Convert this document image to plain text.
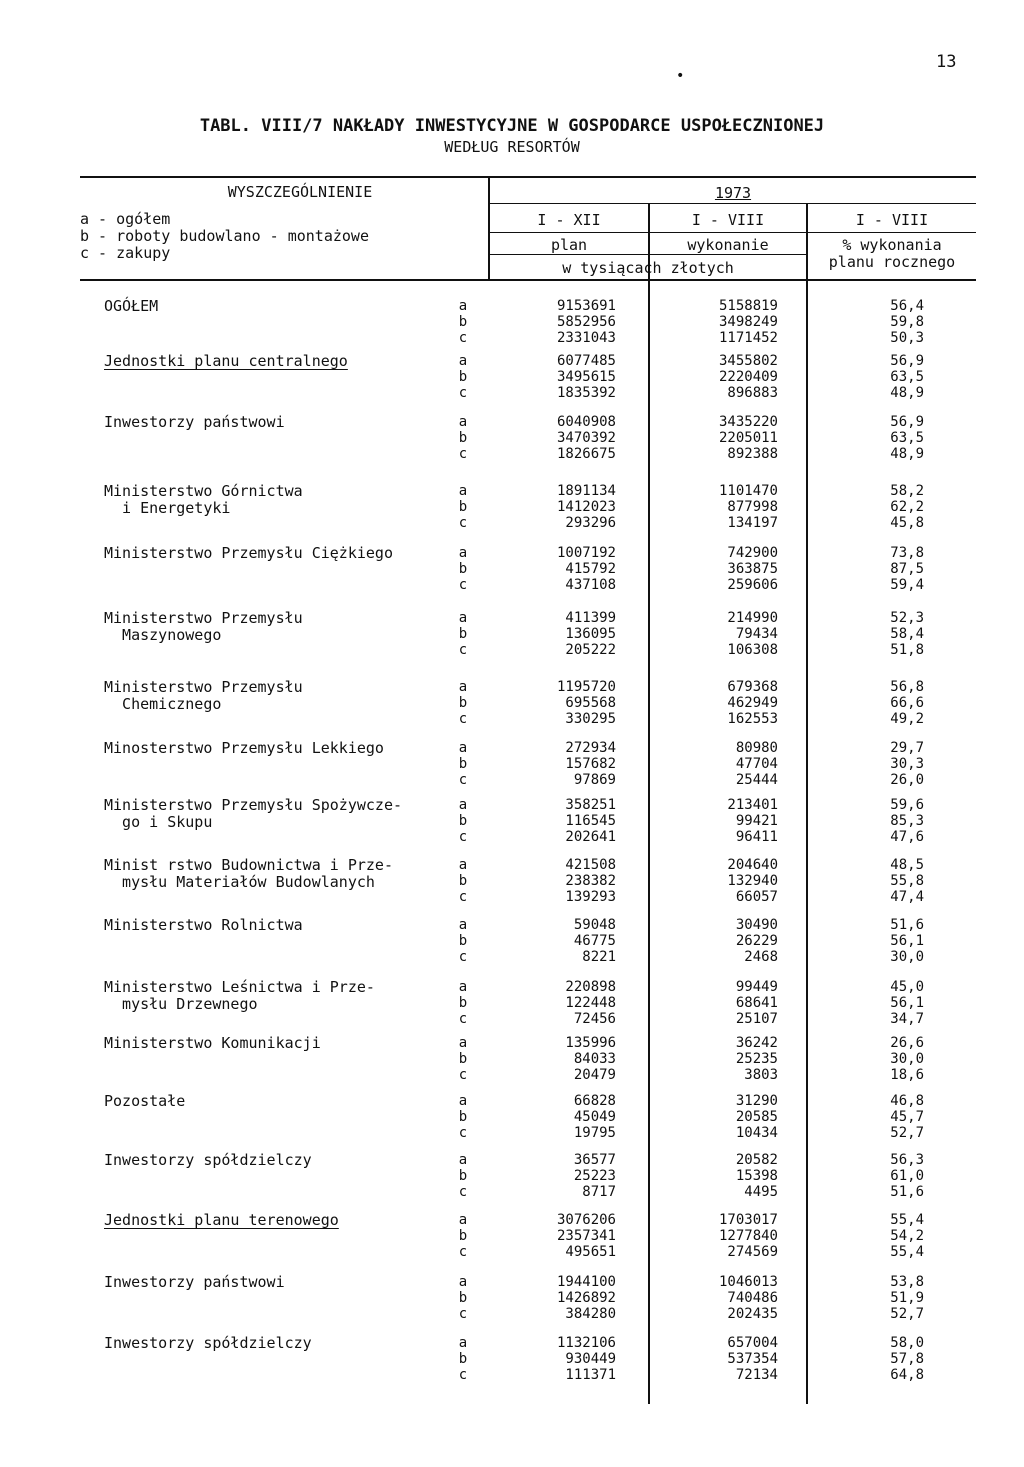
13
•
TABL. VIII/7 NAKŁADY INWESTYCYJNE W GOSPODARCE USPOŁECZNIONEJ
WEDŁUG RESORTÓW
WYSZCZEGÓLNIENIE
a - ogółem
b - roboty budowlano - montażowe
c - zakupy
1973
I - XII	I - VIII	I - VIII
plan	wykonanie	% wykonania
planu rocznego
w tysiącach złotych
OGÓŁEM	a	9153691	5158819	56,4
b	5852956	3498249	59,8
c	2331043	1171452	50,3
Jednostki planu centralnego	a	6077485	3455802	56,9
b	3495615	2220409	63,5
c	1835392	896883	48,9
Inwestorzy państwowi	a	6040908	3435220	56,9
b	3470392	2205011	63,5
c	1826675	892388	48,9
Ministerstwo Górnictwa
i Energetyki
a	1891134	1101470	58,2
b	1412023	877998	62,2
c	293296	134197	45,8
Ministerstwo Przemysłu Ciężkiego	a	1007192	742900	73,8
b	415792	363875	87,5
c	437108	259606	59,4
Ministerstwo Przemysłu
Maszynowego
a	411399	214990	52,3
b	136095	79434	58,4
c	205222	106308	51,8
Ministerstwo Przemysłu
Chemicznego
a	1195720	679368	56,8
b	695568	462949	66,6
c	330295	162553	49,2
Minosterstwo Przemysłu Lekkiego	a	272934	80980	29,7
b	157682	47704	30,3
c	97869	25444	26,0
Ministerstwo Przemysłu Spożywcze-
go i Skupu
a	358251	213401	59,6
b	116545	99421	85,3
c	202641	96411	47,6
Minist rstwo Budownictwa i Prze-
mysłu Materiałów Budowlanych
a	421508	204640	48,5
b	238382	132940	55,8
c	139293	66057	47,4
Ministerstwo Rolnictwa	a	59048	30490	51,6
b	46775	26229	56,1
c	8221	2468	30,0
Ministerstwo Leśnictwa i Prze-
mysłu Drzewnego
a	220898	99449	45,0
b	122448	68641	56,1
c	72456	25107	34,7
Ministerstwo Komunikacji	a	135996	36242	26,6
b	84033	25235	30,0
c	20479	3803	18,6
Pozostałe	a	66828	31290	46,8
b	45049	20585	45,7
c	19795	10434	52,7
Inwestorzy spółdzielczy	a	36577	20582	56,3
b	25223	15398	61,0
c	8717	4495	51,6
Jednostki planu terenowego	a	3076206	1703017	55,4
b	2357341	1277840	54,2
c	495651	274569	55,4
Inwestorzy państwowi	a	1944100	1046013	53,8
b	1426892	740486	51,9
c	384280	202435	52,7
Inwestorzy spółdzielczy	a	1132106	657004	58,0
b	930449	537354	57,8
c	111371	72134	64,8
